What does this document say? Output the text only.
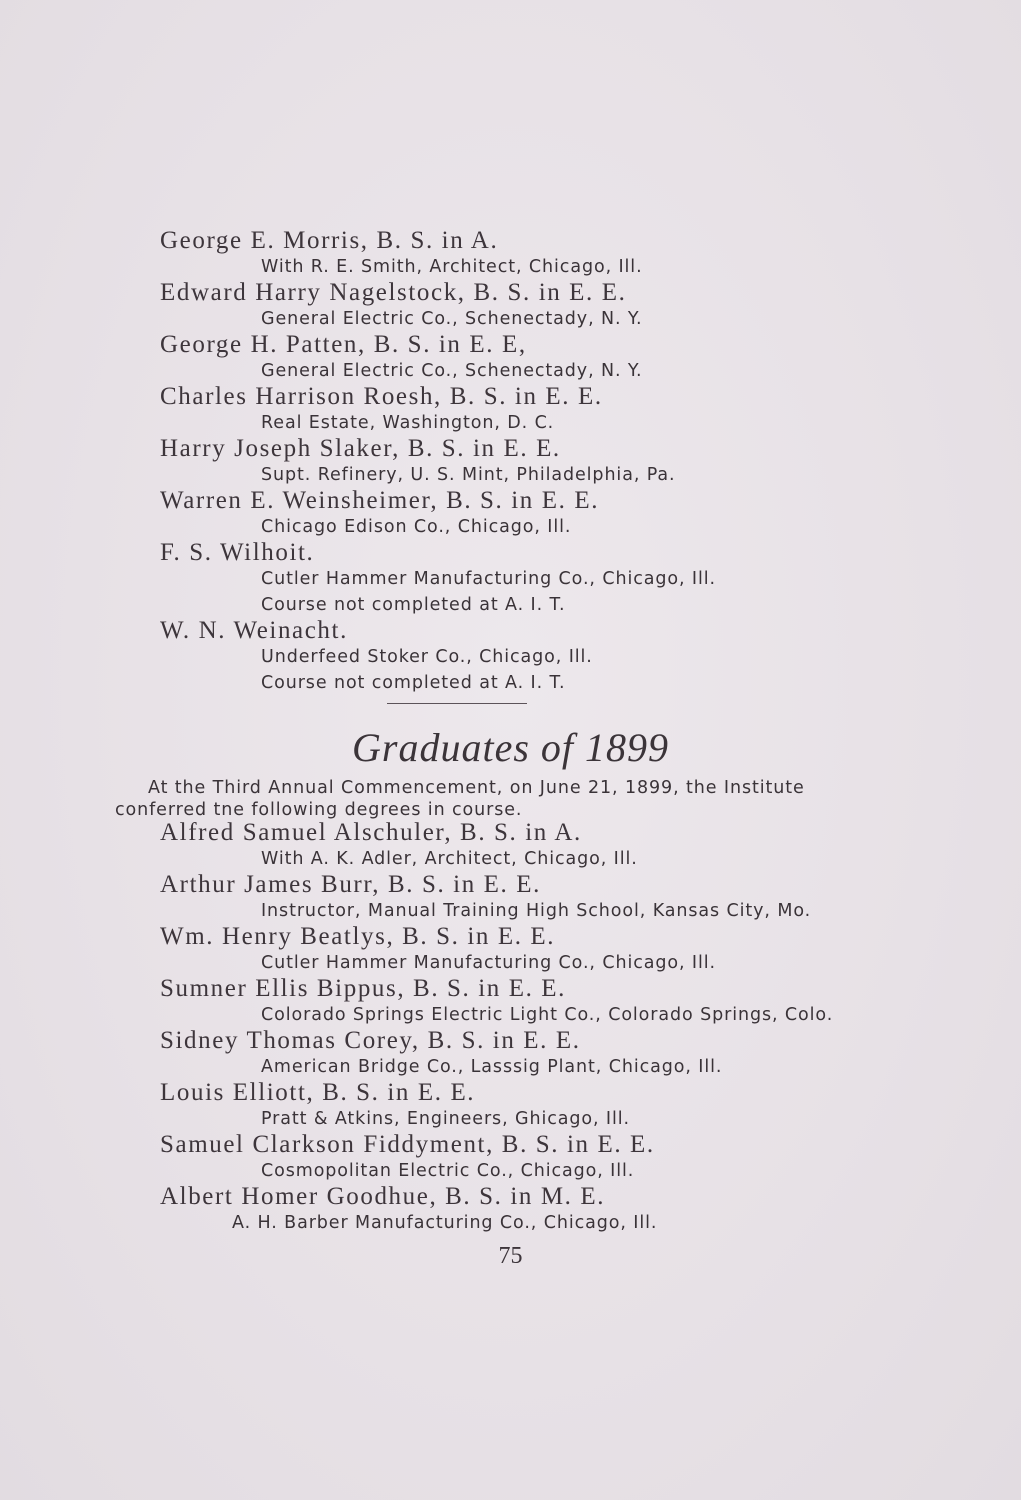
George E. Morris, B. S. in A.
With R. E. Smith, Architect, Chicago, Ill.
Edward Harry Nagelstock, B. S. in E. E.
General Electric Co., Schenectady, N. Y.
George H. Patten, B. S. in E. E,
General Electric Co., Schenectady, N. Y.
Charles Harrison Roesh, B. S. in E. E.
Real Estate, Washington, D. C.
Harry Joseph Slaker, B. S. in E. E.
Supt. Refinery, U. S. Mint, Philadelphia, Pa.
Warren E. Weinsheimer, B. S. in E. E.
Chicago Edison Co., Chicago, Ill.
F. S. Wilhoit.
Cutler Hammer Manufacturing Co., Chicago, Ill.
Course not completed at A. I. T.
W. N. Weinacht.
Underfeed Stoker Co., Chicago, Ill.
Course not completed at A. I. T.
Graduates of 1899
At the Third Annual Commencement, on June 21, 1899, the Institute conferred tne following degrees in course.
Alfred Samuel Alschuler, B. S. in A.
With A. K. Adler, Architect, Chicago, Ill.
Arthur James Burr, B. S. in E. E.
Instructor, Manual Training High School, Kansas City, Mo.
Wm. Henry Beatlys, B. S. in E. E.
Cutler Hammer Manufacturing Co., Chicago, Ill.
Sumner Ellis Bippus, B. S. in E. E.
Colorado Springs Electric Light Co., Colorado Springs, Colo.
Sidney Thomas Corey, B. S. in E. E.
American Bridge Co., Lasssig Plant, Chicago, Ill.
Louis Elliott, B. S. in E. E.
Pratt & Atkins, Engineers, Ghicago, Ill.
Samuel Clarkson Fiddyment, B. S. in E. E.
Cosmopolitan Electric Co., Chicago, Ill.
Albert Homer Goodhue, B. S. in M. E.
A. H. Barber Manufacturing Co., Chicago, Ill.
75
